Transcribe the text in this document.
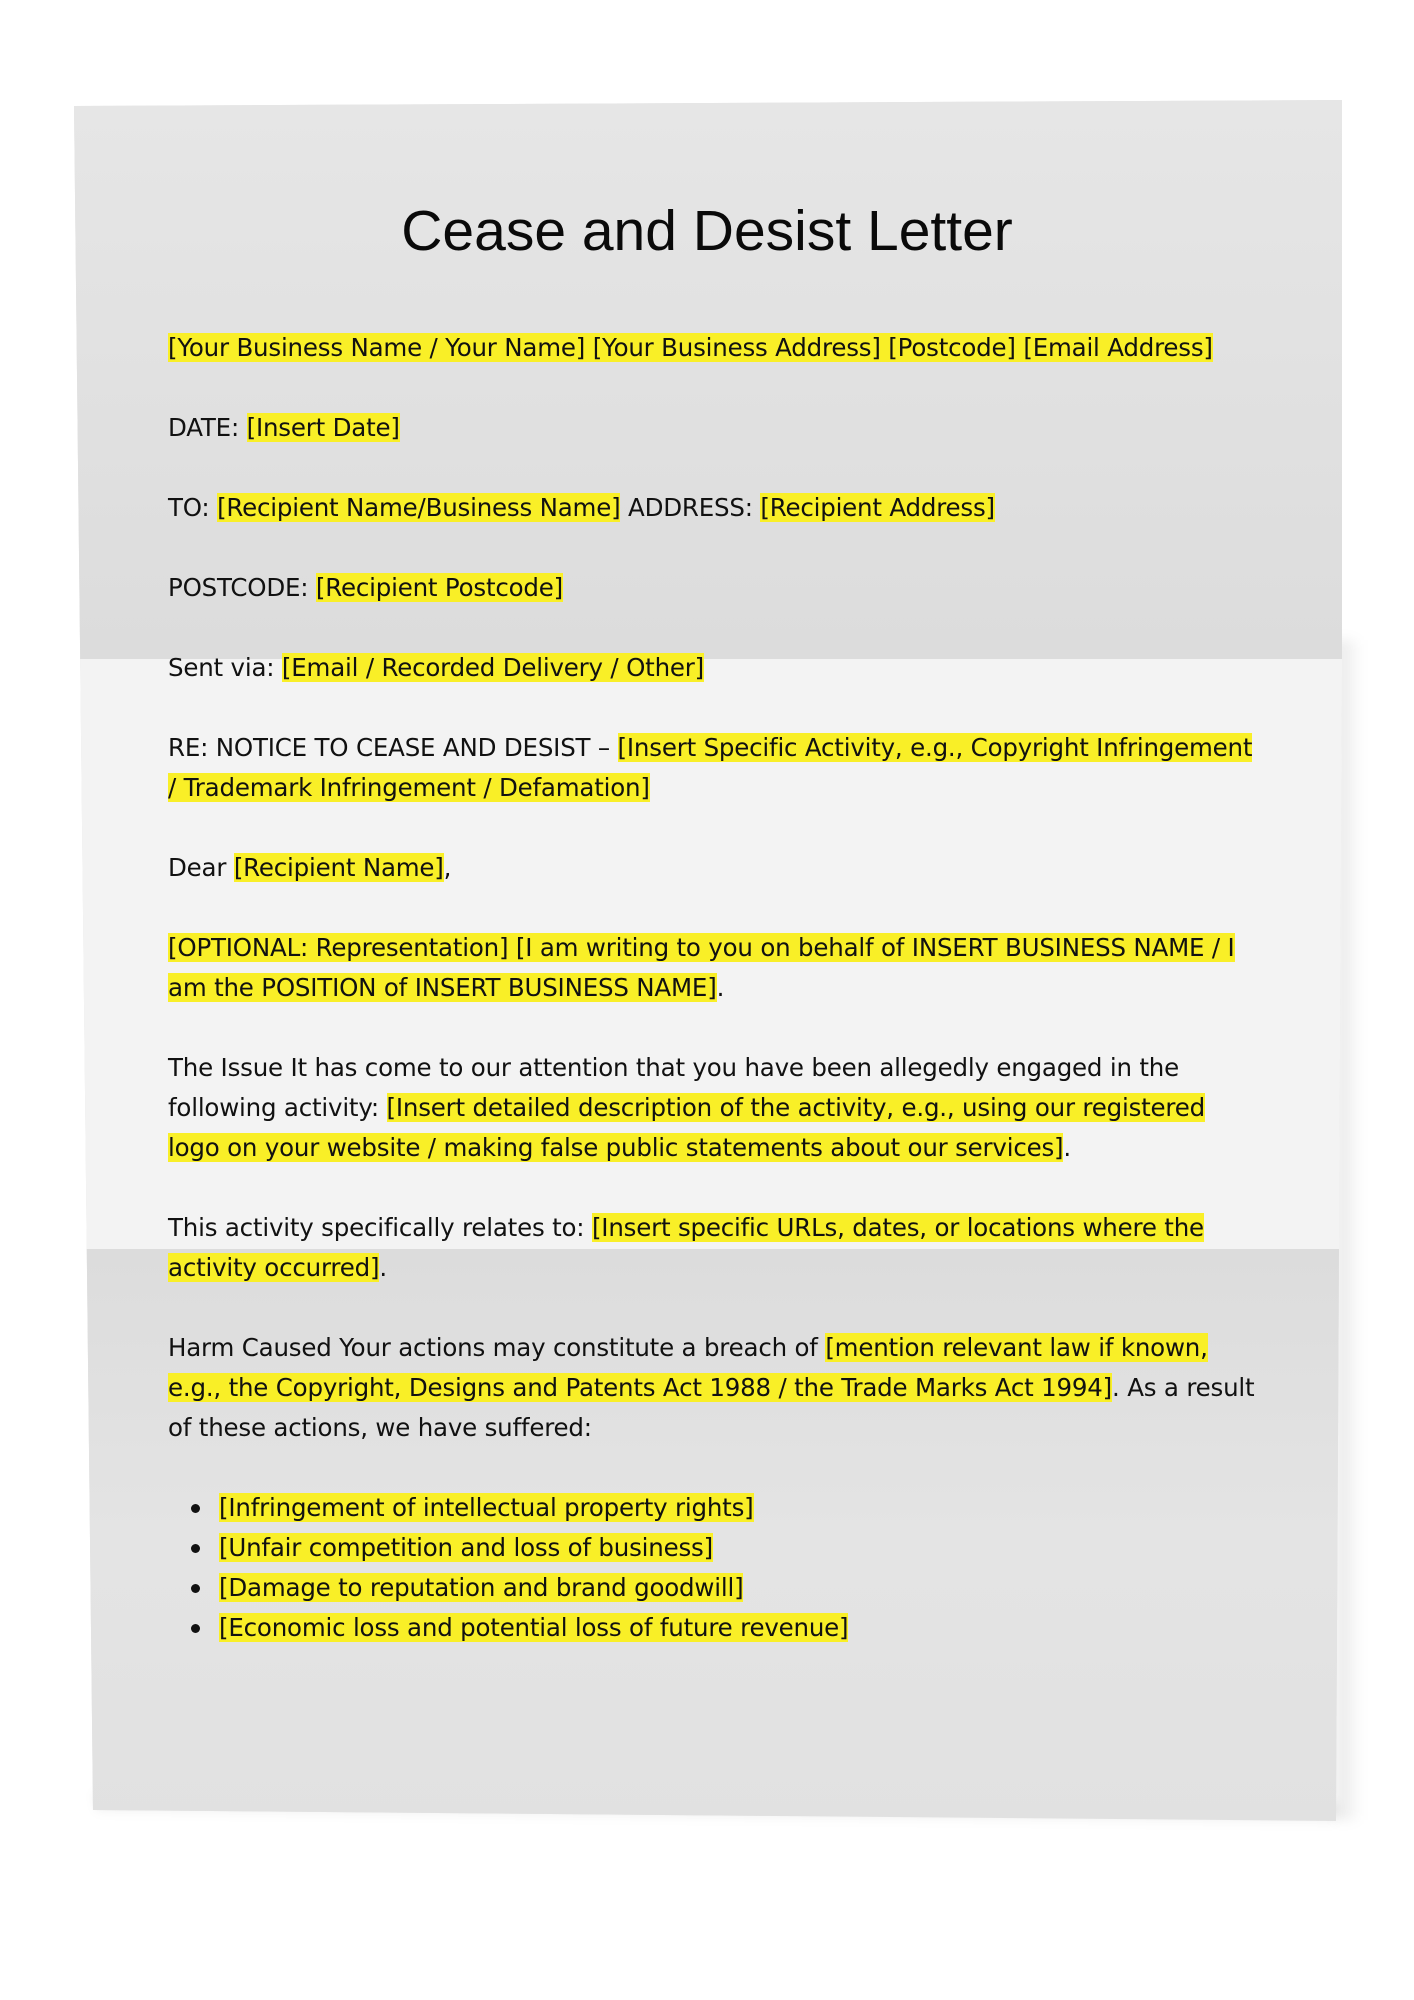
Cease and Desist Letter

[Your Business Name / Your Name] [Your Business Address] [Postcode] [Email Address]

DATE: [Insert Date]

TO: [Recipient Name/Business Name] ADDRESS: [Recipient Address]

POSTCODE: [Recipient Postcode]

Sent via: [Email / Recorded Delivery / Other]

RE: NOTICE TO CEASE AND DESIST – [Insert Specific Activity, e.g., Copyright Infringement / Trademark Infringement / Defamation]

Dear [Recipient Name],

[OPTIONAL: Representation] [I am writing to you on behalf of INSERT BUSINESS NAME / I am the POSITION of INSERT BUSINESS NAME].

The Issue It has come to our attention that you have been allegedly engaged in the following activity: [Insert detailed description of the activity, e.g., using our registered logo on your website / making false public statements about our services].

This activity specifically relates to: [Insert specific URLs, dates, or locations where the activity occurred].

Harm Caused Your actions may constitute a breach of [mention relevant law if known, e.g., the Copyright, Designs and Patents Act 1988 / the Trade Marks Act 1994]. As a result of these actions, we have suffered:

[Infringement of intellectual property rights]
[Unfair competition and loss of business]
[Damage to reputation and brand goodwill]
[Economic loss and potential loss of future revenue]
